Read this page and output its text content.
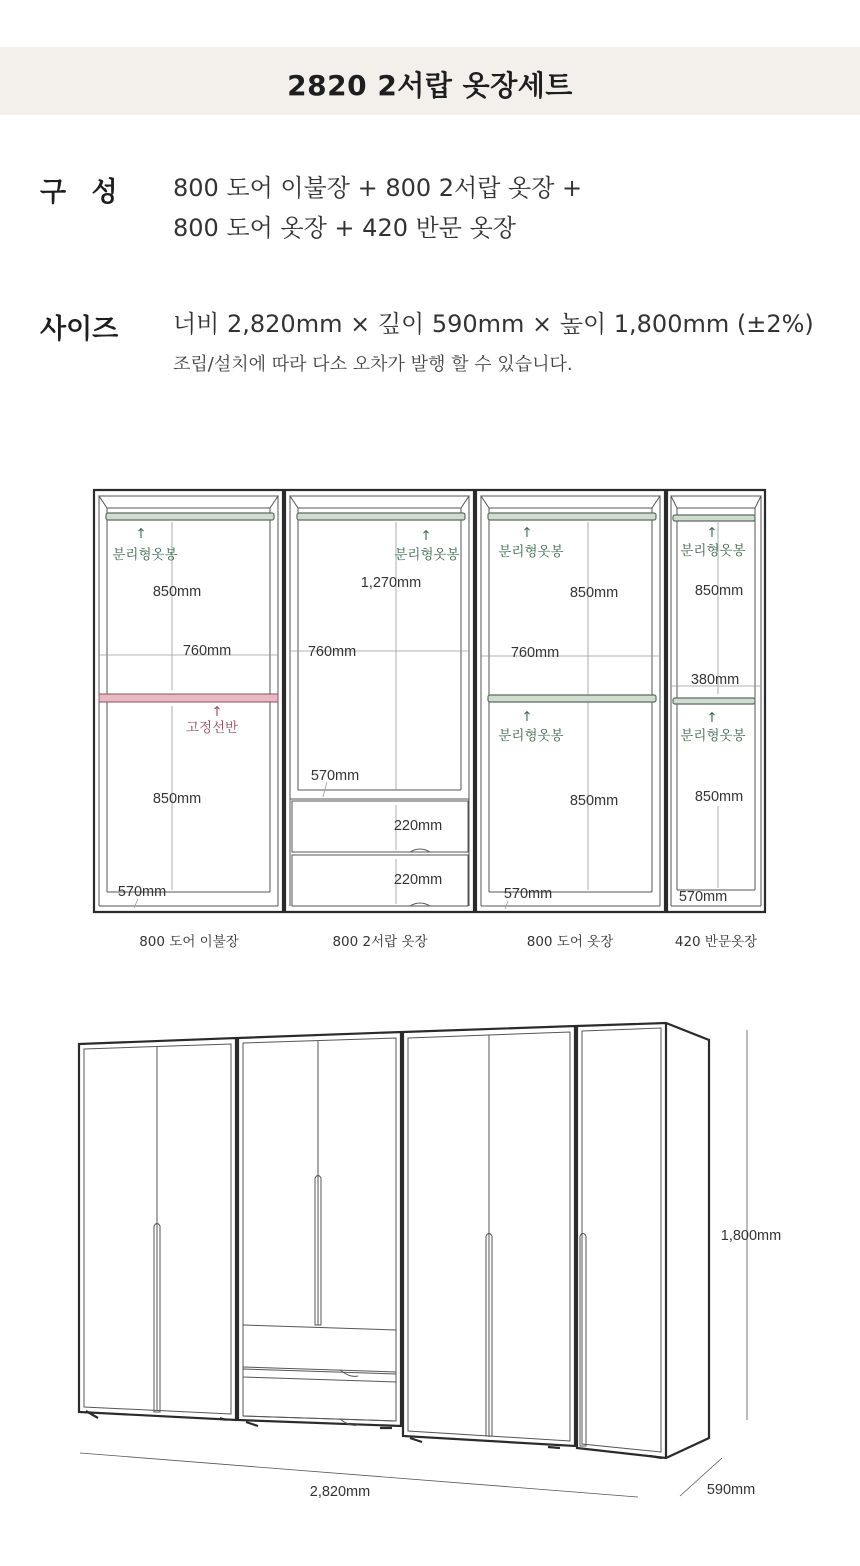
2820 2서랍 옷장세트
구 성 800 도어 이불장 + 800 2서랍 옷장 +
800 도어 옷장 + 420 반문 옷장
사이즈 너비 2,820mm × 깊이 590mm × 높이 1,800mm (±2%)
조립/설치에 따라 다소 오차가 발행 할 수 있습니다.
↑
분리형옷봉
850mm
760mm
↑
고정선반
850mm
570mm
800 도어 이불장
↑
분리형옷봉
1,270mm
760mm
570mm
220mm
220mm
800 2서랍 옷장
↑
분리형옷봉
850mm
760mm
↑
분리형옷봉
850mm
570mm
800 도어 옷장
↑
분리형옷봉
850mm
380mm
↑
분리형옷봉
850mm
570mm
420 반문옷장
1,800mm
2,820mm	590mm
